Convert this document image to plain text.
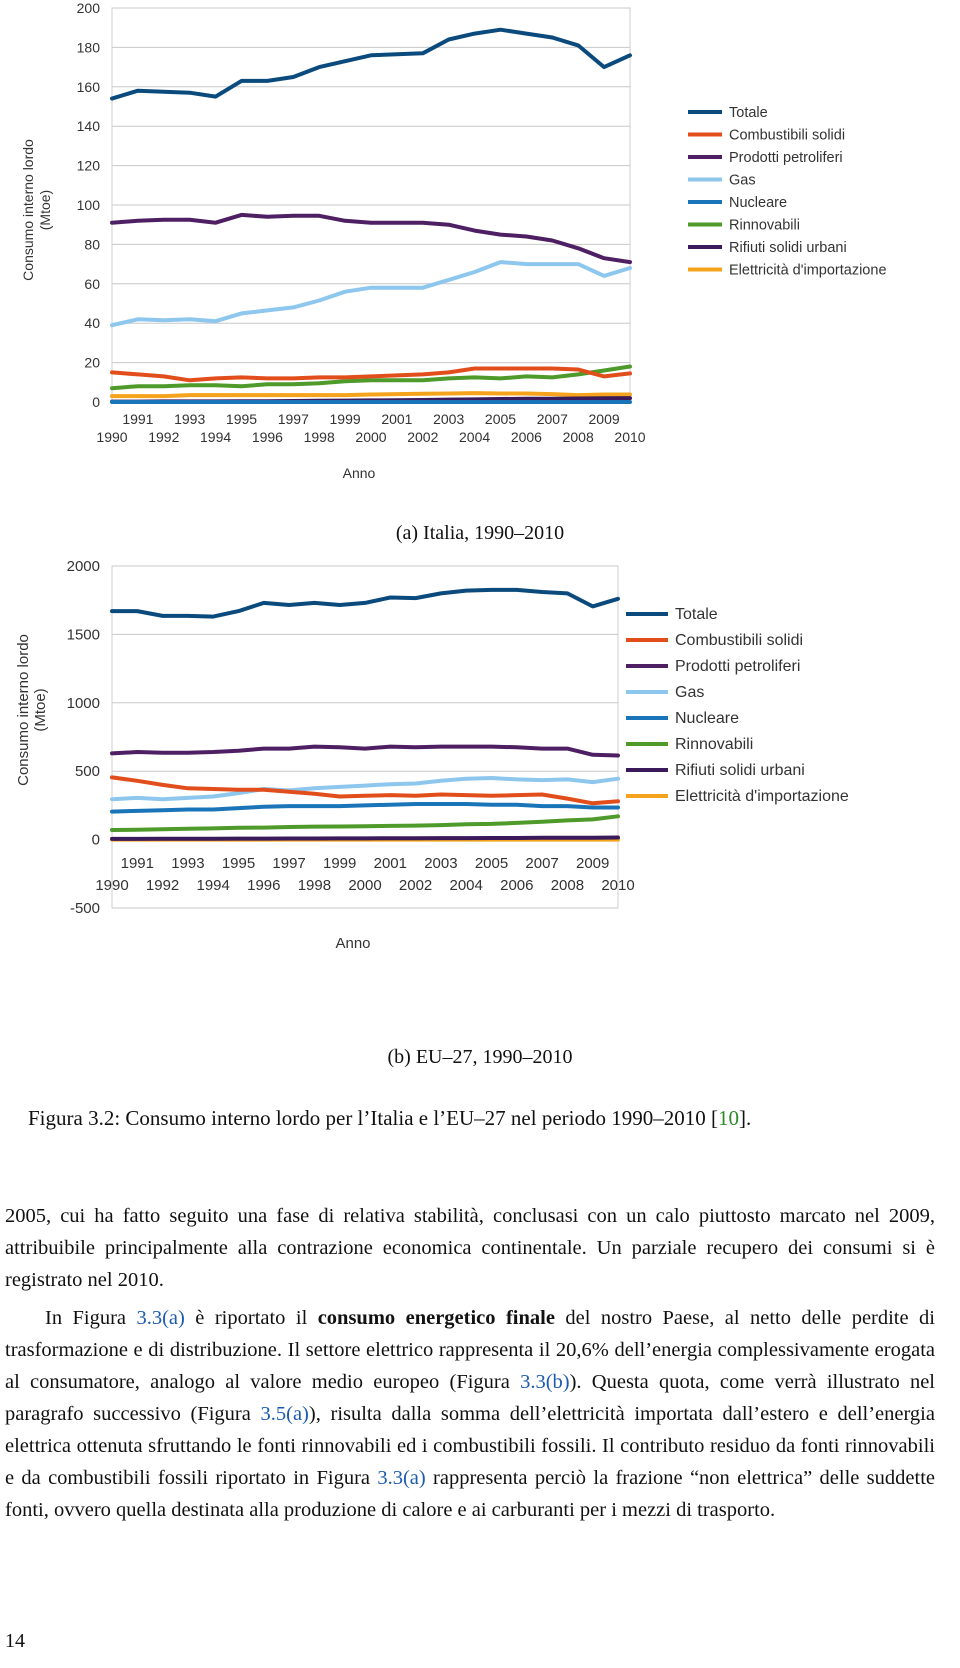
0
20
40
60
80
100
120
140
160
180
200
1990
1991
1992
1993
1994
1995
1996
1997
1998
1999
2000
2001
2002
2003
2004
2005
2006
2007
2008
2009
2010
Anno
Consumo interno lordo (Mtoe)
Totale
Combustibili solidi
Prodotti petroliferi
Gas
Nucleare
Rinnovabili
Rifiuti solidi urbani
Elettricità d'importazione
(a) Italia, 1990–2010
-500
0
500
1000
1500
2000
1990
1991
1992
1993
1994
1995
1996
1997
1998
1999
2000
2001
2002
2003
2004
2005
2006
2007
2008
2009
2010
Anno
Consumo interno lordo (Mtoe)
Totale
Combustibili solidi
Prodotti petroliferi
Gas
Nucleare
Rinnovabili
Rifiuti solidi urbani
Elettricità d'importazione
(b) EU–27, 1990–2010
Figura 3.2: Consumo interno lordo per l’Italia e l’EU–27 nel periodo 1990–2010 [10].
2005, cui ha fatto seguito una fase di relativa stabilità, conclusasi con un calo piuttosto marcato nel 2009, attribuibile principalmente alla contrazione economica continentale. Un parziale recupero dei consumi si è registrato nel 2010.
In Figura 3.3(a) è riportato il consumo energetico finale del nostro Paese, al netto delle perdite di trasformazione e di distribuzione. Il settore elettrico rappresenta il 20,6% dell’energia complessivamente erogata al consumatore, analogo al valore medio europeo (Figura 3.3(b)). Questa quota, come verrà illustrato nel paragrafo successivo (Figura 3.5(a)), risulta dalla somma dell’elettricità importata dall’estero e dell’energia elettrica ottenuta sfruttando le fonti rinnovabili ed i combustibili fossili. Il contributo residuo da fonti rinnovabili e da combustibili fossili riportato in Figura 3.3(a) rappresenta perciò la frazione “non elettrica” delle suddette fonti, ovvero quella destinata alla produzione di calore e ai carburanti per i mezzi di trasporto.
14
